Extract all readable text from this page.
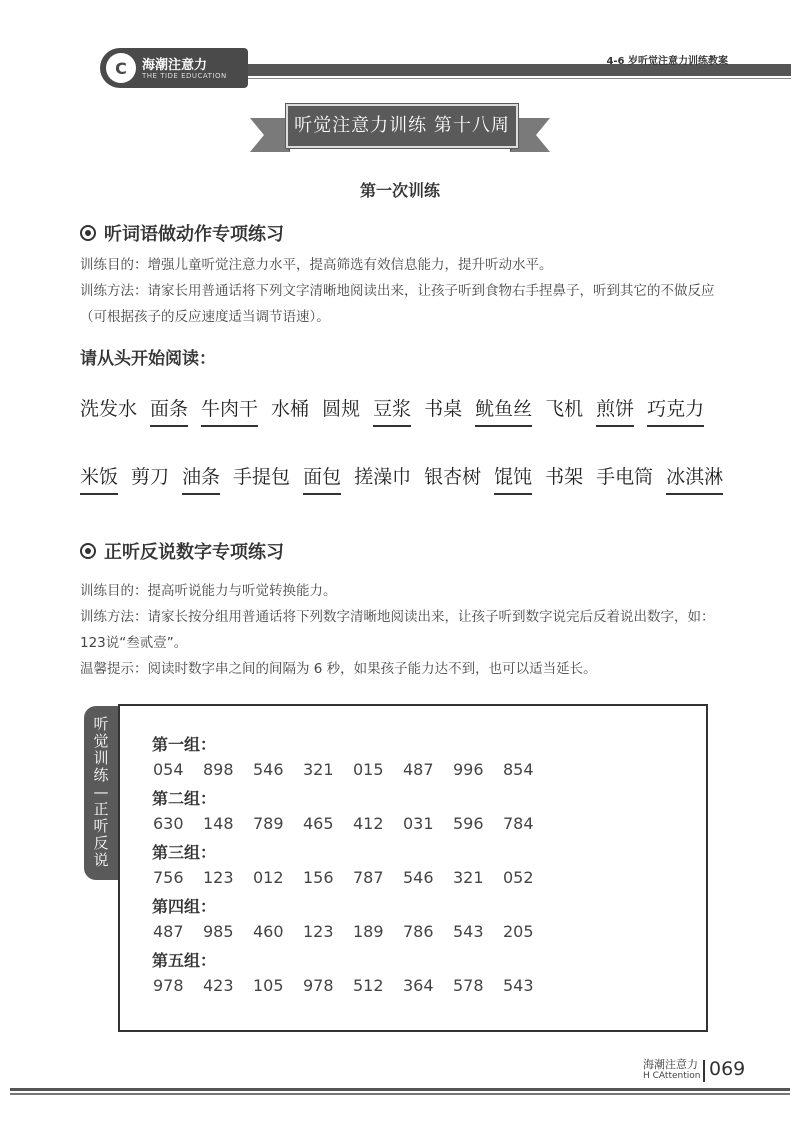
C	海潮注意力
THE TIDE EDUCATION
4-6 岁听觉注意力训练教案
听觉注意力训练 第十八周
第一次训练
听词语做动作专项练习
训练目的：增强儿童听觉注意力水平，提高筛选有效信息能力，提升听动水平。
训练方法：请家长用普通话将下列文字清晰地阅读出来，让孩子听到食物右手捏鼻子，听到其它的不做反应（可根据孩子的反应速度适当调节语速）。
请从头开始阅读：
洗发水 面条 牛肉干 水桶 圆规 豆浆 书桌 鱿鱼丝 飞机 煎饼 巧克力
米饭 剪刀 油条 手提包 面包 搓澡巾 银杏树 馄饨 书架 手电筒 冰淇淋
正听反说数字专项练习
训练目的：提高听说能力与听觉转换能力。
训练方法：请家长按分组用普通话将下列数字清晰地阅读出来，让孩子听到数字说完后反着说出数字，如：123说“叁贰壹”。
温馨提示：阅读时数字串之间的间隔为 6 秒，如果孩子能力达不到，也可以适当延长。
听觉训练—正听反说
第一组：
054	898	546	321	015	487	996	854
第二组：
630	148	789	465	412	031	596	784
第三组：
756	123	012	156	787	546	321	052
第四组：
487	985	460	123	189	786	543	205
第五组：
978	423	105	978	512	364	578	543
海潮注意力
H CAttention 069
